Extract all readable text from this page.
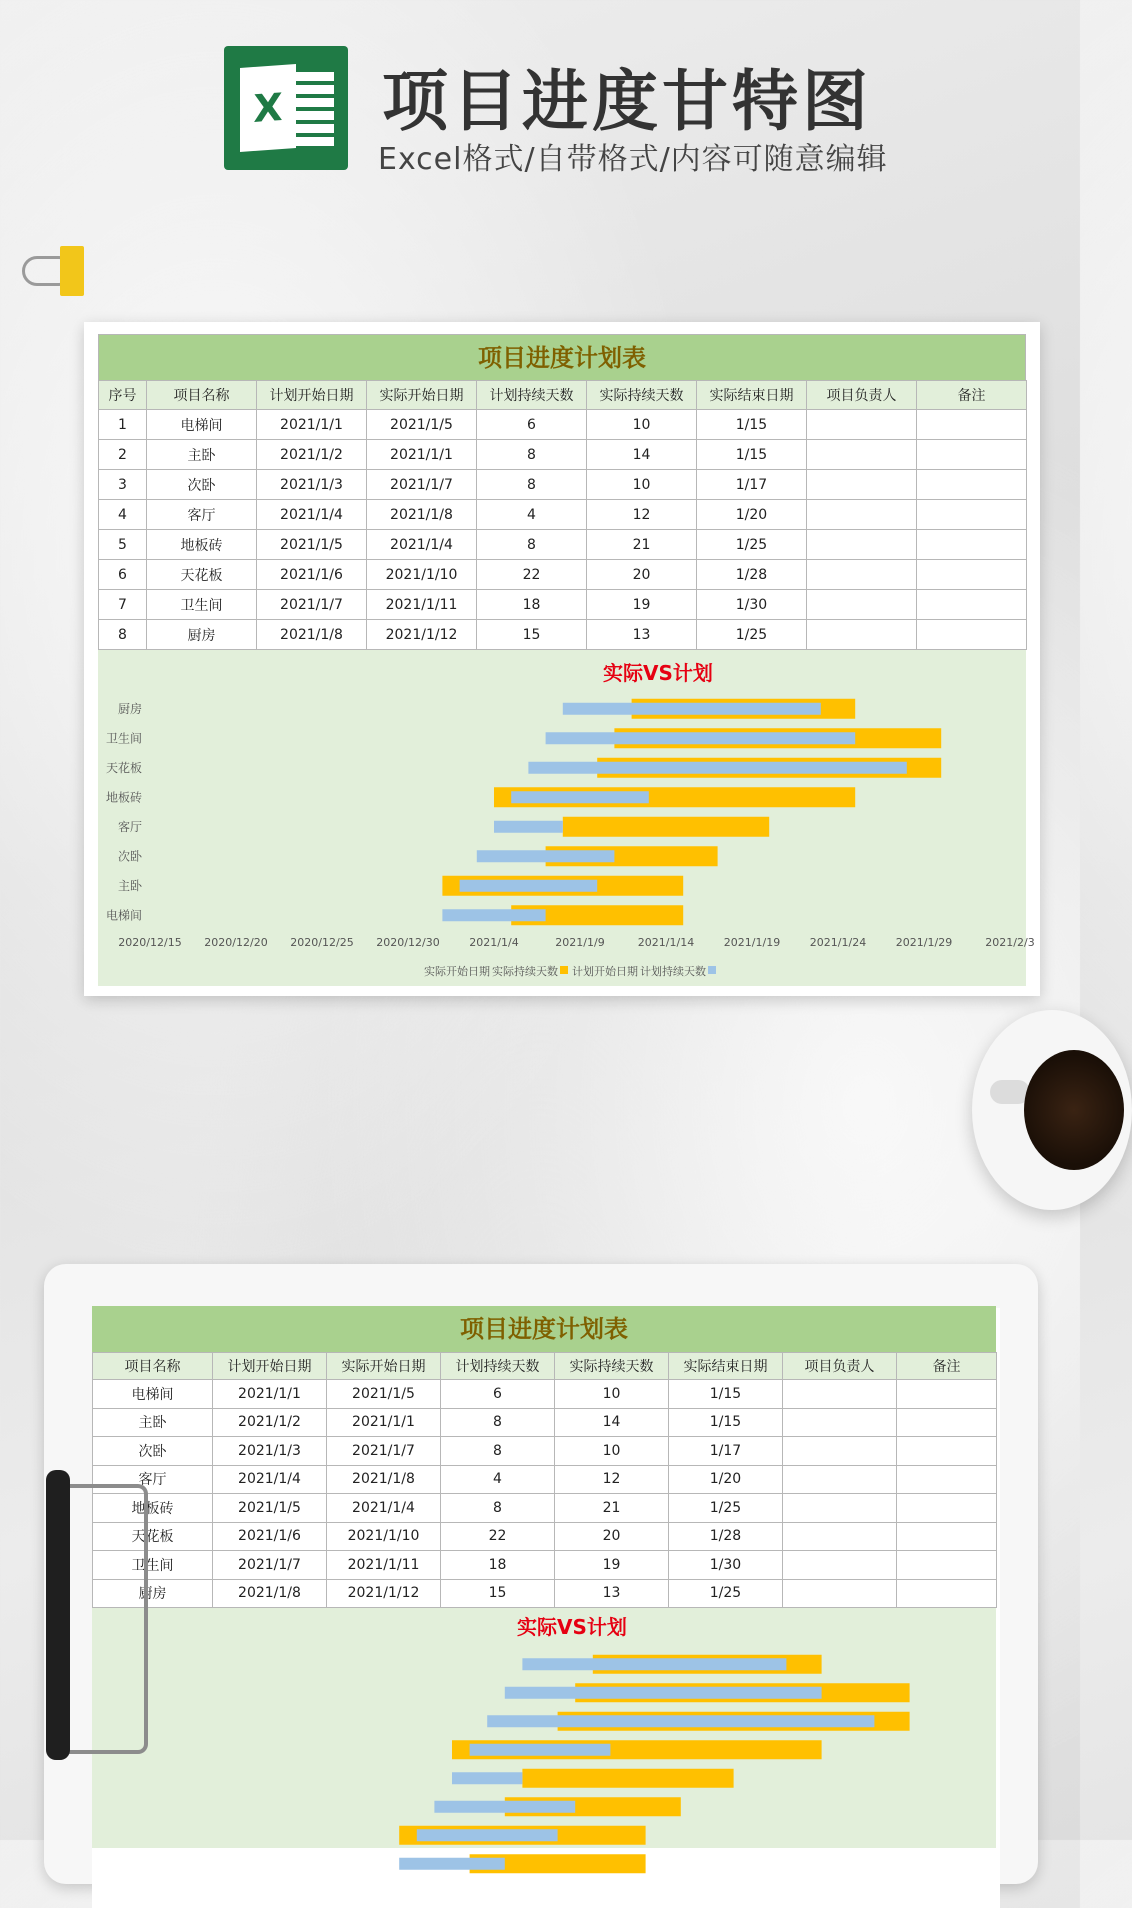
X 项目进度甘特图
Excel格式/自带格式/内容可随意编辑
项目进度计划表
序号	项目名称	计划开始日期	实际开始日期	计划持续天数	实际持续天数	实际结束日期	项目负责人	备注
1	电梯间	2021/1/1	2021/1/5	6	10	1/15		
2	主卧	2021/1/2	2021/1/1	8	14	1/15		
3	次卧	2021/1/3	2021/1/7	8	10	1/17		
4	客厅	2021/1/4	2021/1/8	4	12	1/20		
5	地板砖	2021/1/5	2021/1/4	8	21	1/25		
6	天花板	2021/1/6	2021/1/10	22	20	1/28		
7	卫生间	2021/1/7	2021/1/11	18	19	1/30		
8	厨房	2021/1/8	2021/1/12	15	13	1/25		
实际VS计划
电梯间
主卧
次卧
客厅
地板砖
天花板
卫生间
厨房
2020/12/15 2020/12/20 2020/12/25 2020/12/30	2021/1/4	2021/1/9	2021/1/14	2021/1/19	2021/1/24	2021/1/29	2021/2/3
实际开始日期 实际持续天数 计划开始日期 计划持续天数
项目进度计划表
项目名称	计划开始日期	实际开始日期	计划持续天数	实际持续天数	实际结束日期	项目负责人	备注
电梯间	2021/1/1	2021/1/5	6	10	1/15		
主卧	2021/1/2	2021/1/1	8	14	1/15		
次卧	2021/1/3	2021/1/7	8	10	1/17		
客厅	2021/1/4	2021/1/8	4	12	1/20		
地板砖	2021/1/5	2021/1/4	8	21	1/25		
天花板	2021/1/6	2021/1/10	22	20	1/28		
卫生间	2021/1/7	2021/1/11	18	19	1/30		
厨房	2021/1/8	2021/1/12	15	13	1/25		
实际VS计划
